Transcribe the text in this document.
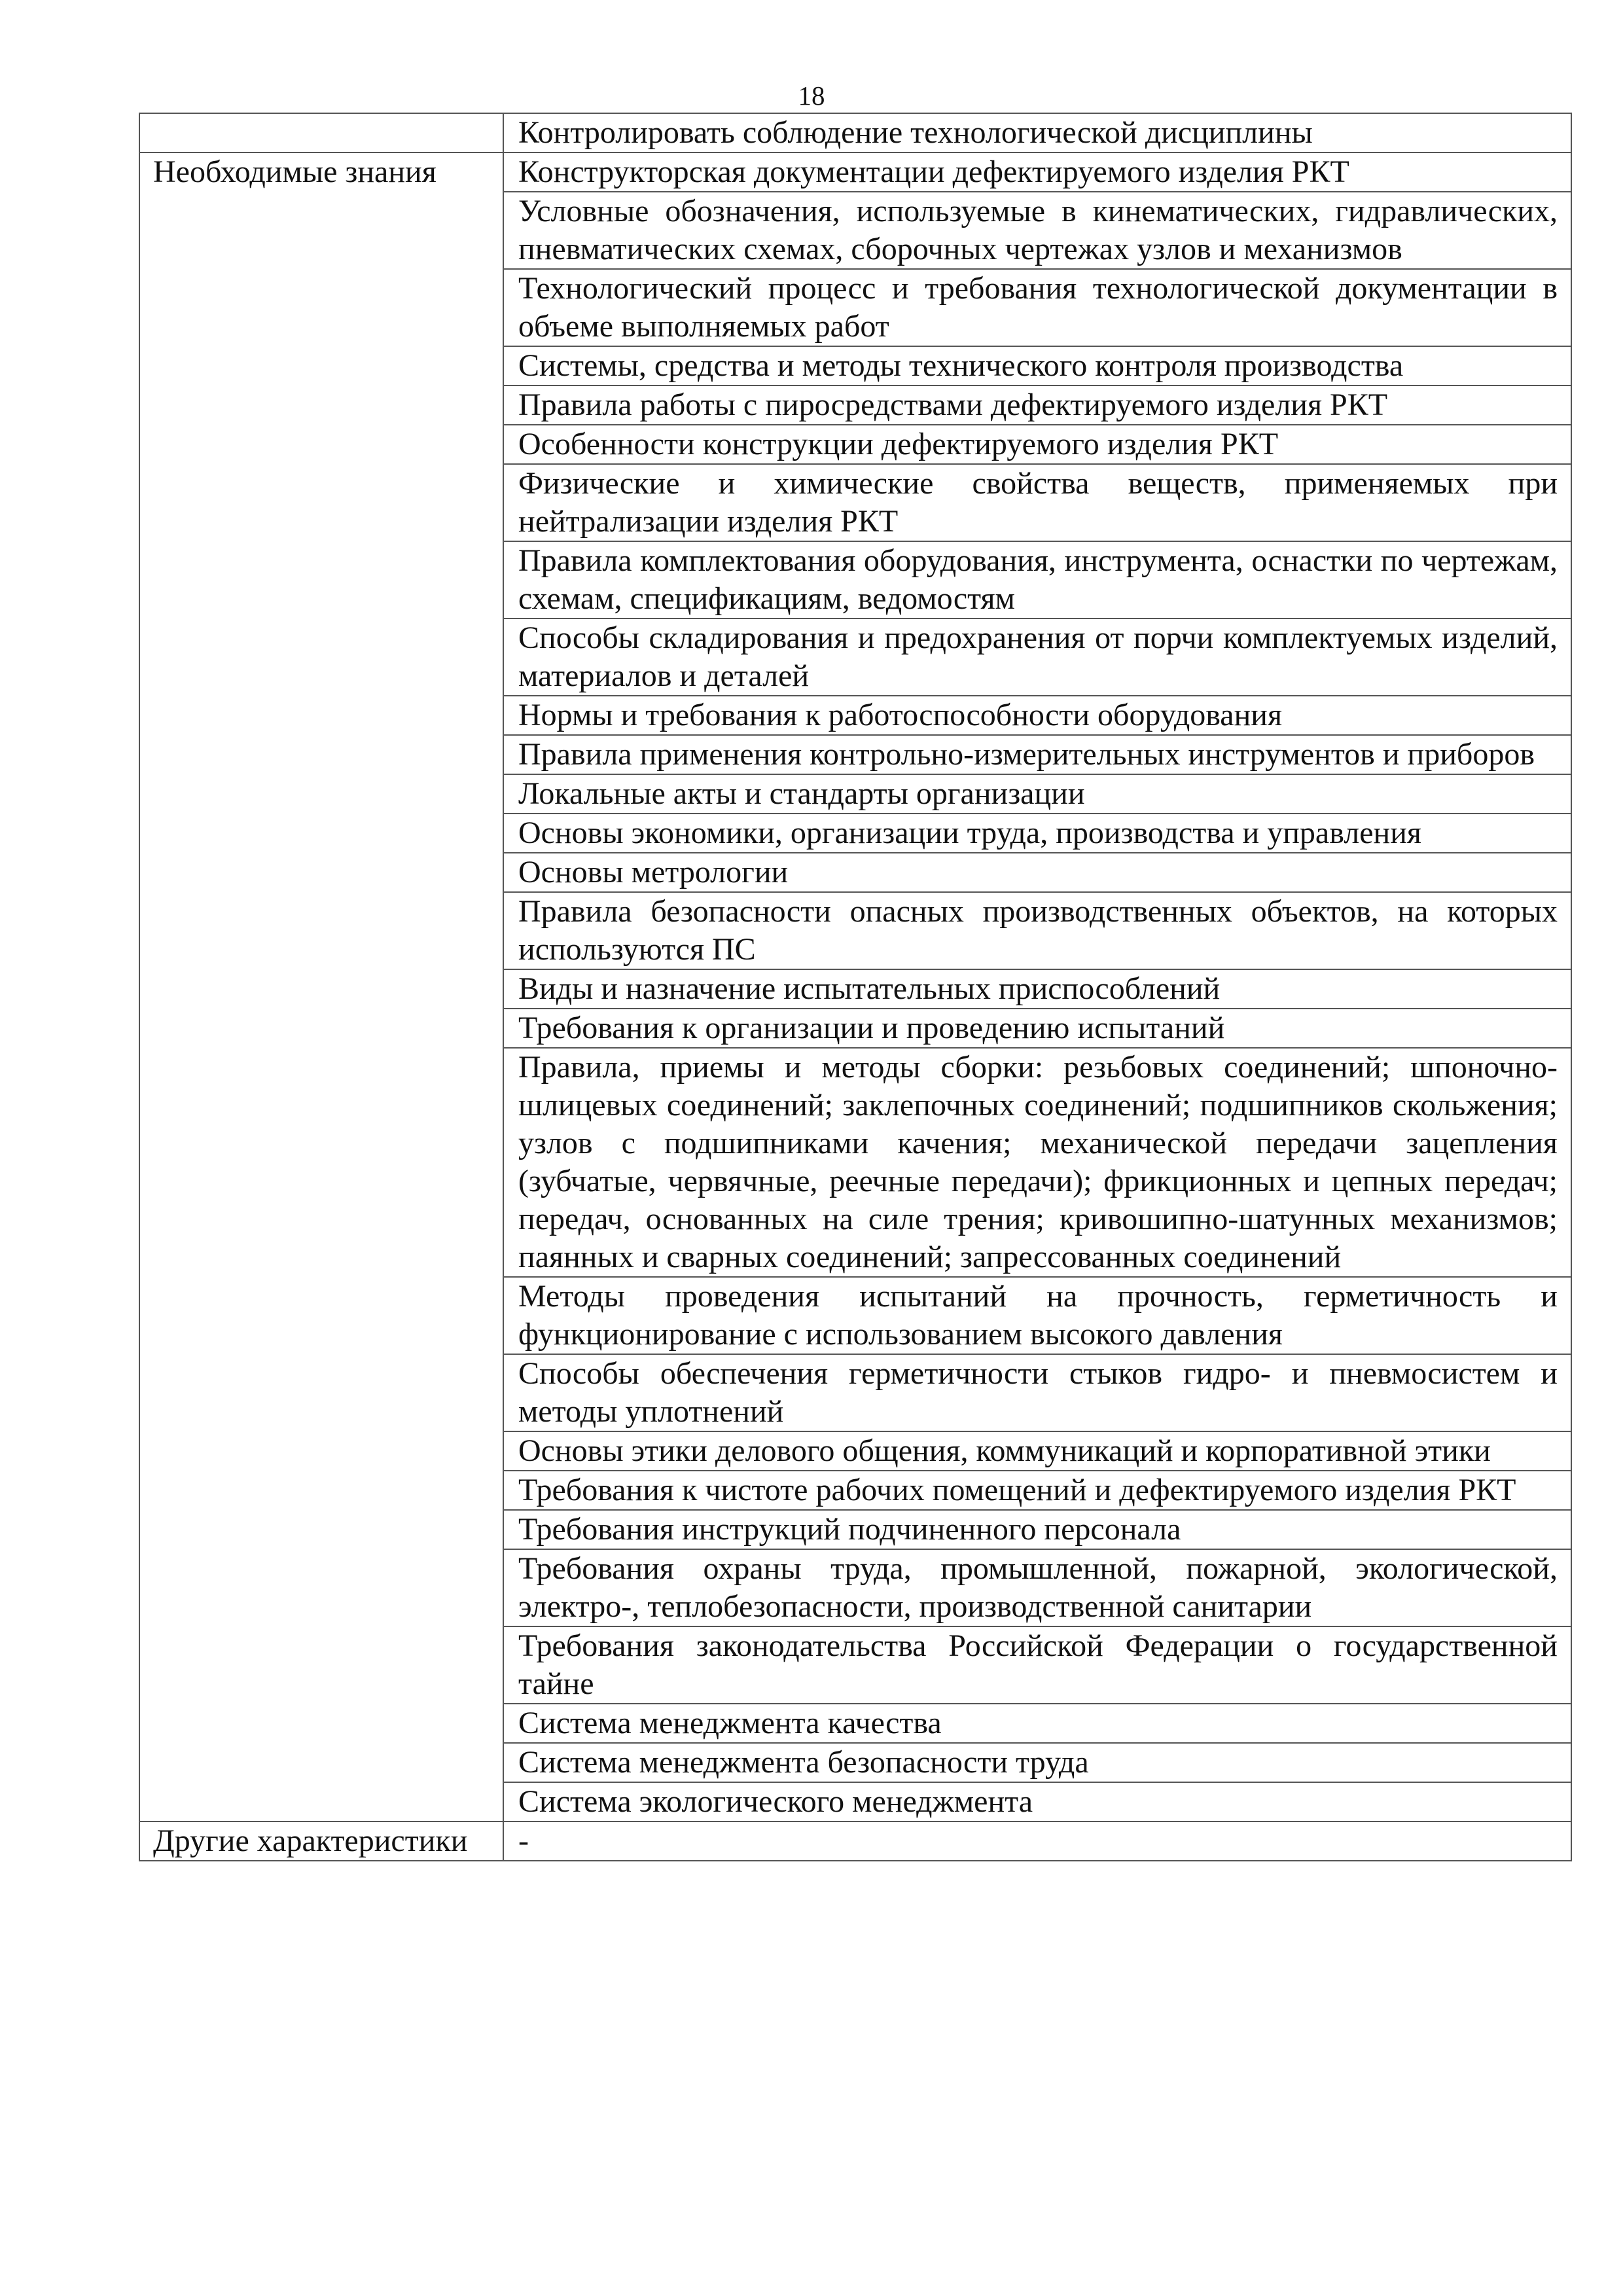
18
	Контролировать соблюдение технологической дисциплины
Необходимые знания	Конструкторская документации дефектируемого изделия РКТ
	Условные обозначения, используемые в кинематических, гидравлических, пневматических схемах, сборочных чертежах узлов и механизмов
	Технологический процесс и требования технологической документации в объеме выполняемых работ
	Системы, средства и методы технического контроля производства
	Правила работы с пиросредствами дефектируемого изделия РКТ
	Особенности конструкции дефектируемого изделия РКТ
	Физические и химические свойства веществ, применяемых при нейтрализации изделия РКТ
	Правила комплектования оборудования, инструмента, оснастки по чертежам, схемам, спецификациям, ведомостям
	Способы складирования и предохранения от порчи комплектуемых изделий, материалов и деталей
	Нормы и требования к работоспособности оборудования
	Правила применения контрольно-измерительных инструментов и приборов
	Локальные акты и стандарты организации
	Основы экономики, организации труда, производства и управления
	Основы метрологии
	Правила безопасности опасных производственных объектов, на которых используются ПС
	Виды и назначение испытательных приспособлений
	Требования к организации и проведению испытаний
	Правила, приемы и методы сборки: резьбовых соединений; шпоночно-шлицевых соединений; заклепочных соединений; подшипников скольжения; узлов с подшипниками качения; механической передачи зацепления (зубчатые, червячные, реечные передачи); фрикционных и цепных передач; передач, основанных на силе трения; кривошипно-шатунных механизмов; паянных и сварных соединений; запрессованных соединений
	Методы проведения испытаний на прочность, герметичность и функционирование с использованием высокого давления
	Способы обеспечения герметичности стыков гидро- и пневмосистем и методы уплотнений
	Основы этики делового общения, коммуникаций и корпоративной этики
	Требования к чистоте рабочих помещений и дефектируемого изделия РКТ
	Требования инструкций подчиненного персонала
	Требования охраны труда, промышленной, пожарной, экологической, электро-, теплобезопасности, производственной санитарии
	Требования законодательства Российской Федерации о государственной тайне
	Система менеджмента качества
	Система менеджмента безопасности труда
	Система экологического менеджмента
Другие характеристики	-
